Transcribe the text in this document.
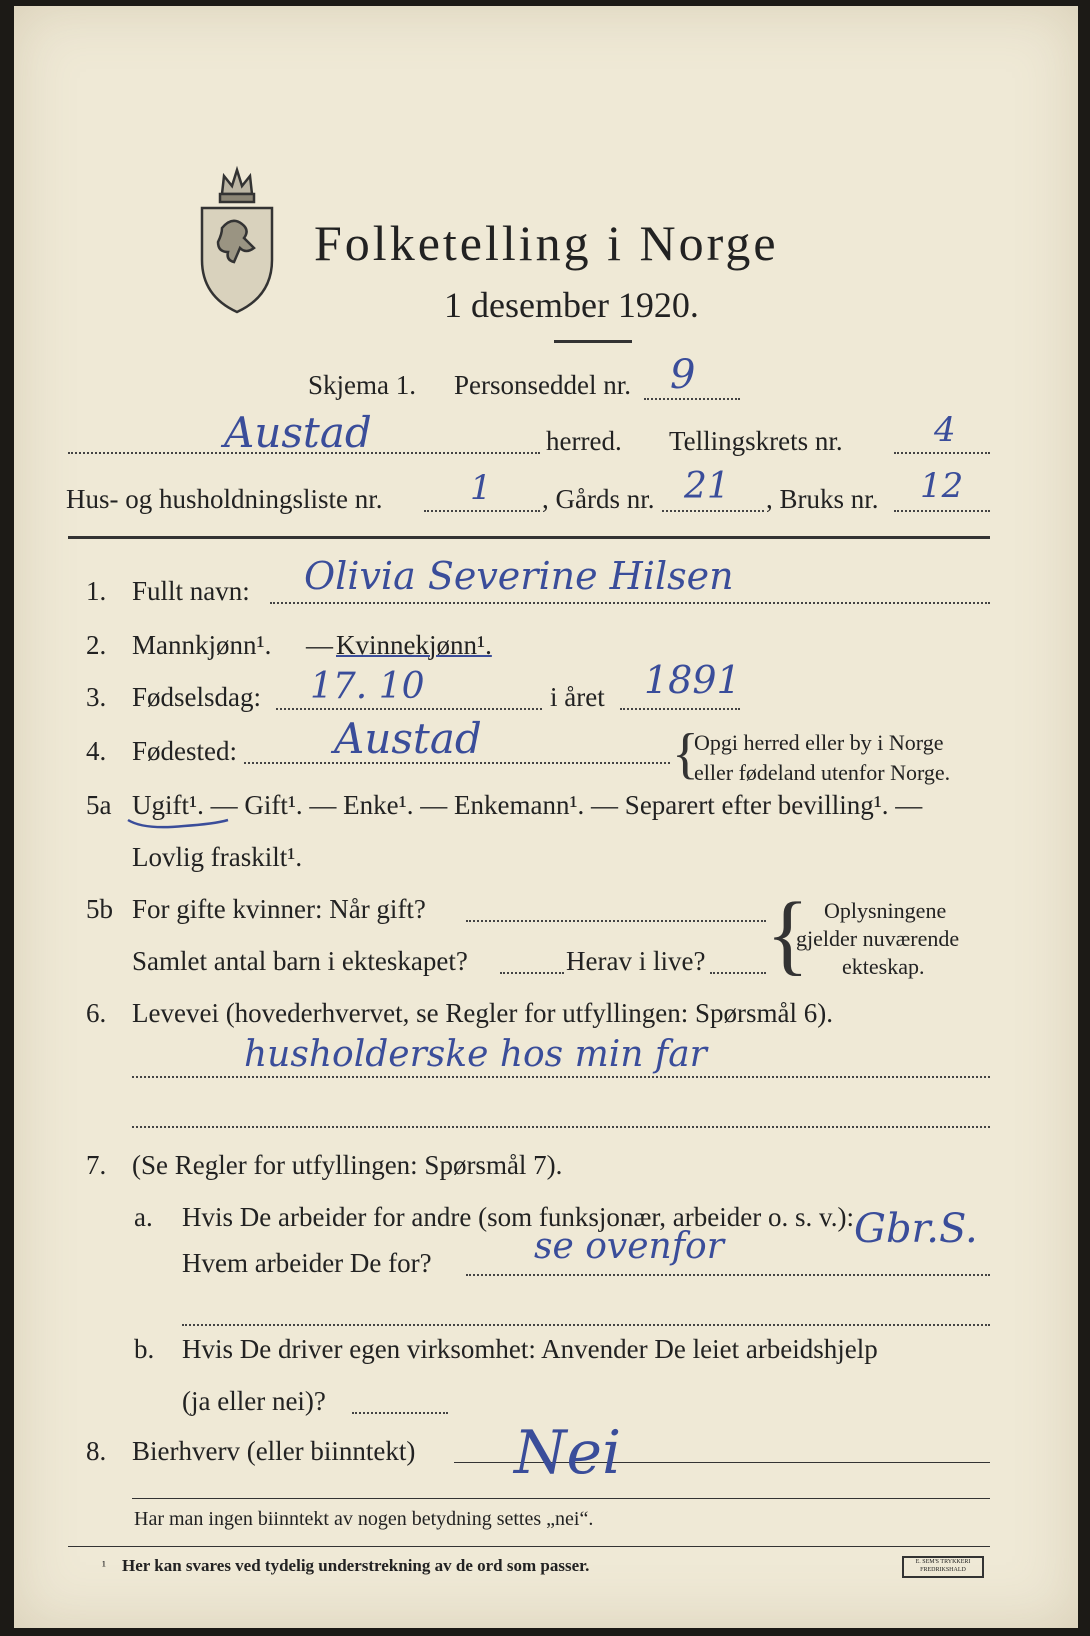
Folketelling i Norge
1 desember 1920.
Skjema 1. Personseddel nr. 9
Austad	herred. Tellingskrets nr.	4
Hus- og husholdningsliste nr.	1 , Gårds nr. 21 , Bruks nr. 12
1. Fullt navn: Olivia Severine Hilsen
2. Mannkjønn¹. — Kvinnekjønn¹.
3. Fødselsdag: 17. 10	i året 1891
4. Fødested: Austad	{
Opgi herred eller by i Norge
eller fødeland utenfor Norge.
5a Ugift¹. — Gift¹. — Enke¹. — Enkemann¹. — Separert efter bevilling¹. —
Lovlig fraskilt¹.
5b For gifte kvinner: Når gift?
Samlet antal barn i ekteskapet?	Herav i live? { Oplysningene
gjelder nuværende
ekteskap.
6. Levevei (hovederhvervet, se Regler for utfyllingen: Spørsmål 6).
husholderske hos min far
7. (Se Regler for utfyllingen: Spørsmål 7).
a. Hvis De arbeider for andre (som funksjonær, arbeider o. s. v.):
Hvem arbeider De for?	se ovenfor	Gbr.S.
b. Hvis De driver egen virksomhet: Anvender De leiet arbeidshjelp
(ja eller nei)?
8. Bierhverv (eller biinntekt) Nei
Har man ingen biinntekt av nogen betydning settes „nei“.
¹ Her kan svares ved tydelig understrekning av de ord som passer.	E. SEM'S TRYKKERI FREDRIKSHALD
